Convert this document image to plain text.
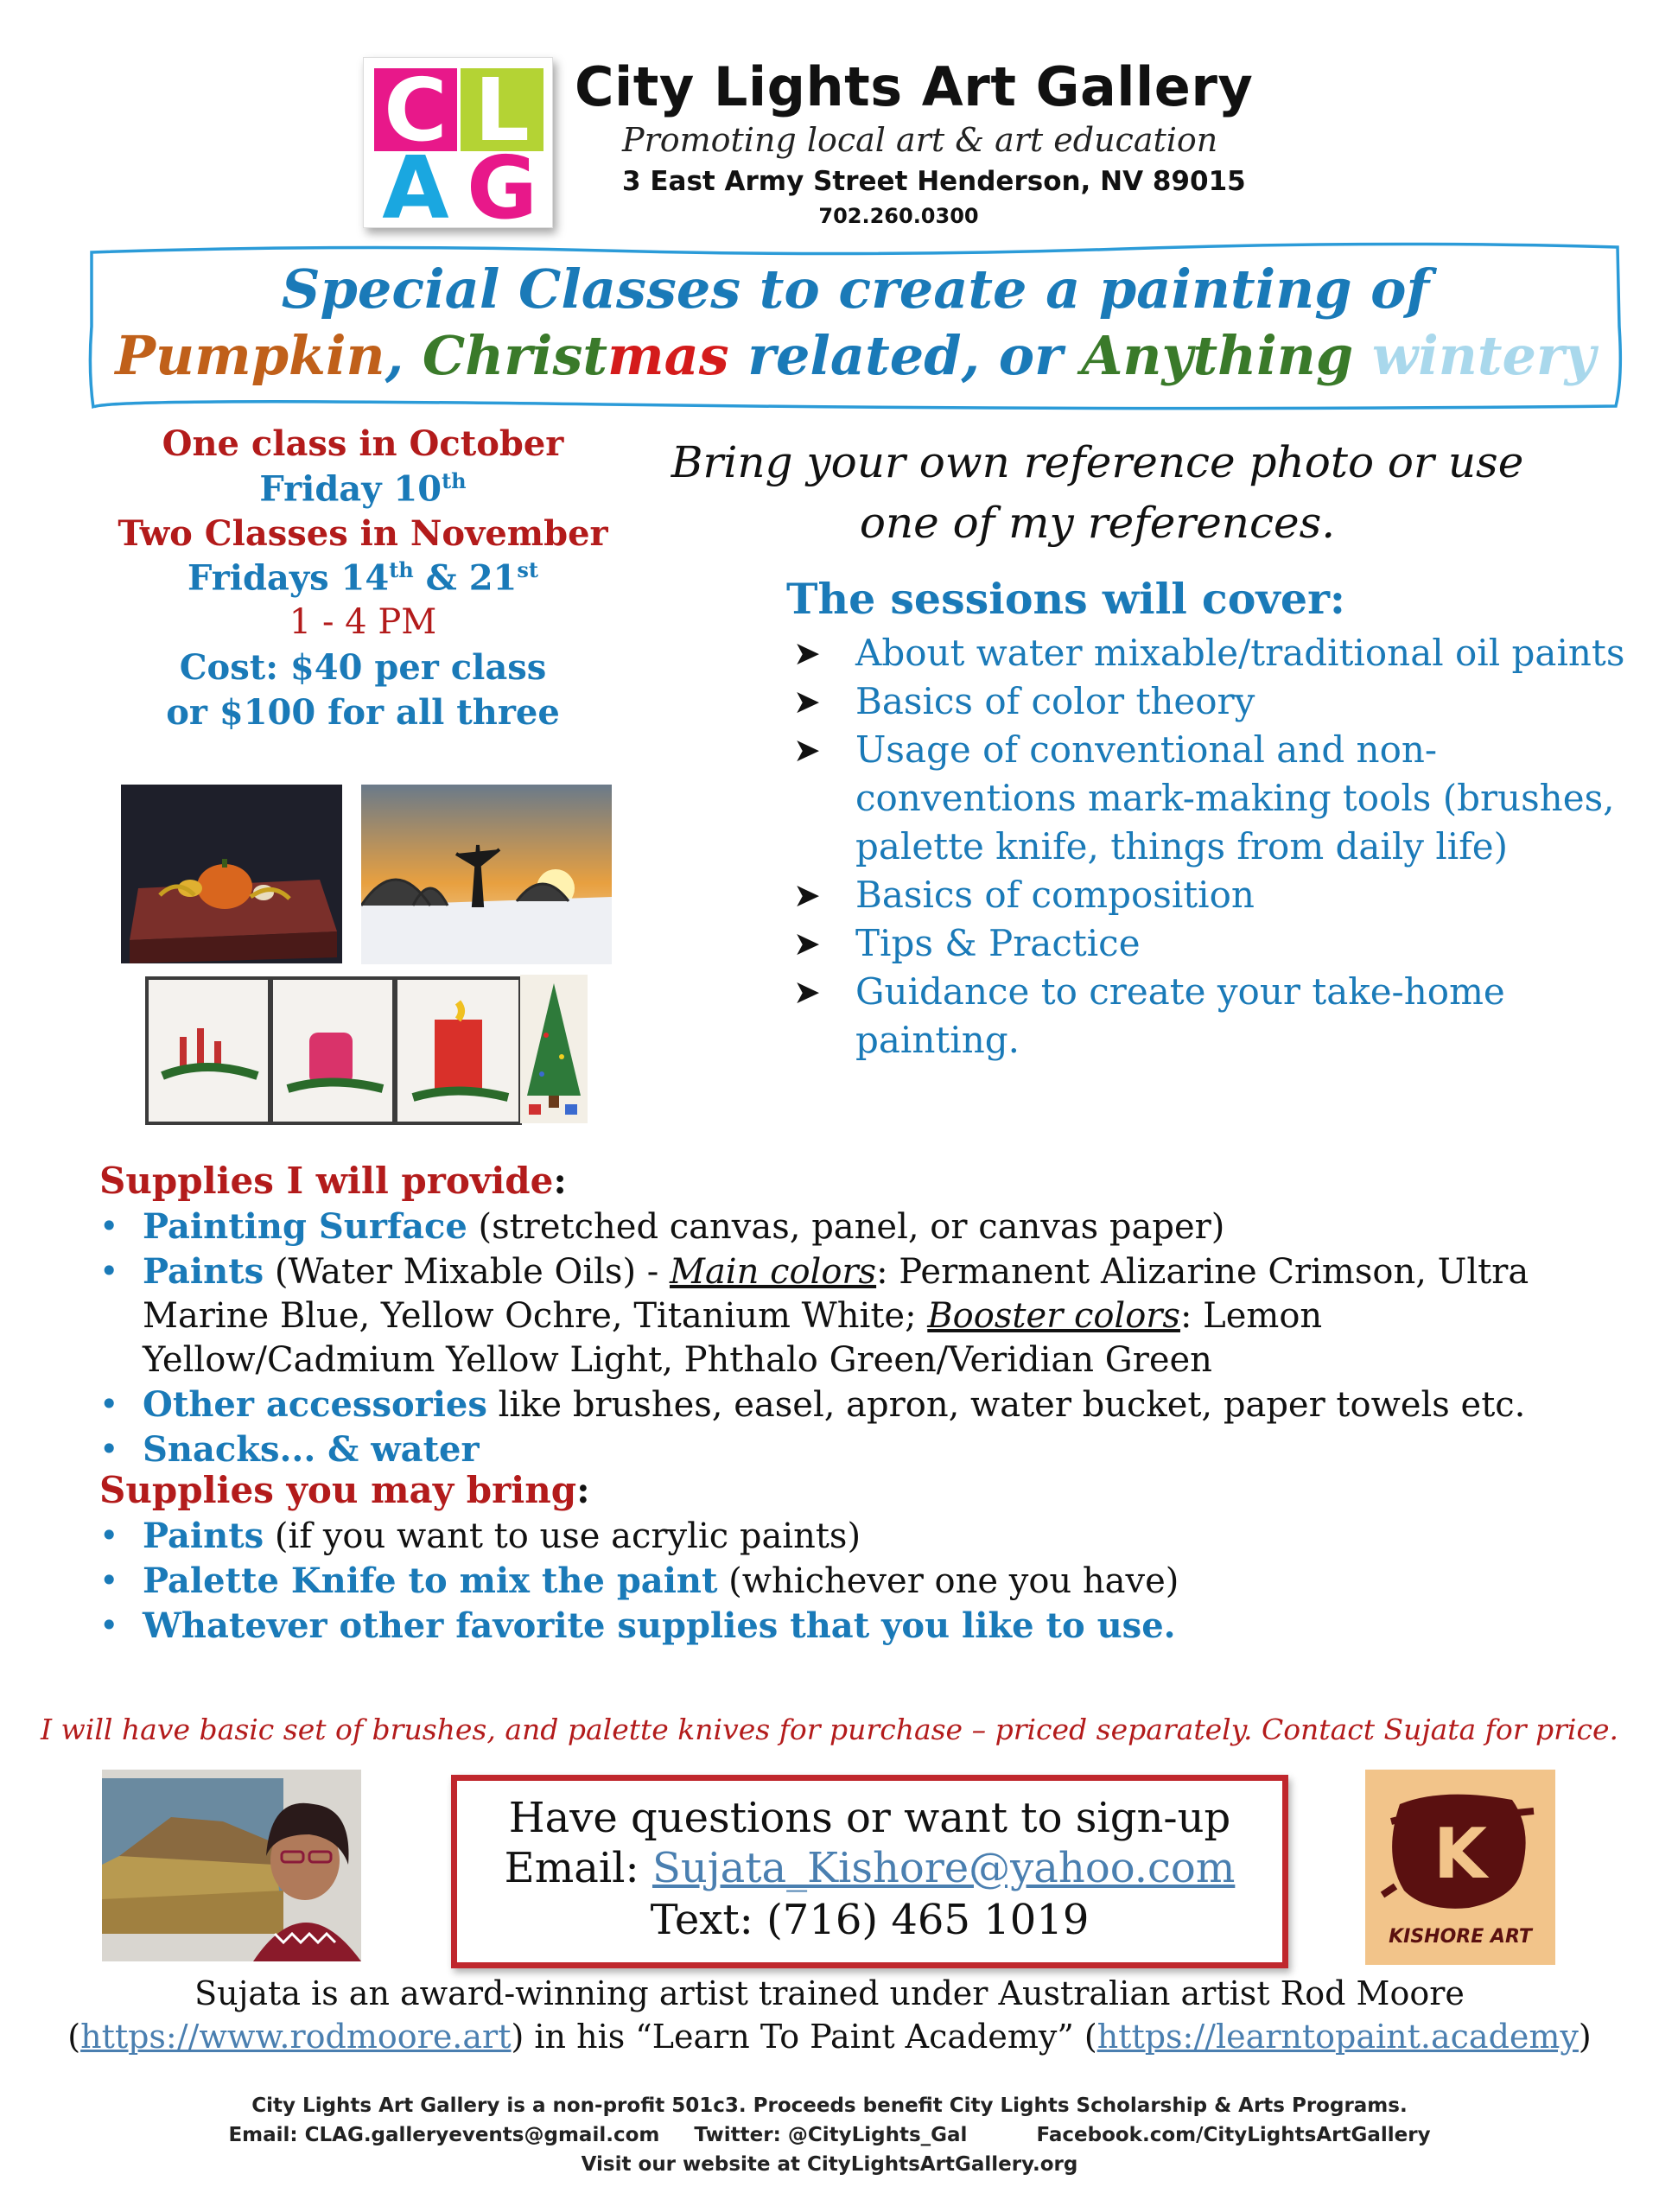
C L
A G
City Lights Art Gallery
Promoting local art & art education
3 East Army Street Henderson, NV 89015
702.260.0300
Special Classes to create a painting of
Pumpkin, Christmas related, or Anything wintery
One class in October
Friday 10th
Two Classes in November
Fridays 14th & 21st
1 - 4 PM
Cost: $40 per class
or $100 for all three
Bring your own reference photo or use
one of my references.
The sessions will cover:
➤ About water mixable/traditional oil paints
➤ Basics of color theory
➤ Usage of conventional and non-conventions mark-making tools (brushes, palette knife, things from daily life)
➤ Basics of composition
➤ Tips & Practice
➤ Guidance to create your take-home painting.
Supplies I will provide:
• Painting Surface (stretched canvas, panel, or canvas paper)
• Paints (Water Mixable Oils) - Main colors: Permanent Alizarine Crimson, Ultra Marine Blue, Yellow Ochre, Titanium White; Booster colors: Lemon Yellow/Cadmium Yellow Light, Phthalo Green/Veridian Green
• Other accessories like brushes, easel, apron, water bucket, paper towels etc.
• Snacks... & water
Supplies you may bring:
• Paints (if you want to use acrylic paints)
• Palette Knife to mix the paint (whichever one you have)
• Whatever other favorite supplies that you like to use.
I will have basic set of brushes, and palette knives for purchase – priced separately. Contact Sujata for price.
Have questions or want to sign-up
Email: Sujata_Kishore@yahoo.com
Text: (716) 465 1019
K
KISHORE ART
Sujata is an award-winning artist trained under Australian artist Rod Moore
(https://www.rodmoore.art) in his “Learn To Paint Academy” (https://learntopaint.academy)
City Lights Art Gallery is a non-profit 501c3. Proceeds benefit City Lights Scholarship & Arts Programs.
Email: CLAG.galleryevents@gmail.com     Twitter: @CityLights_Gal          Facebook.com/CityLightsArtGallery
Visit our website at CityLightsArtGallery.org
